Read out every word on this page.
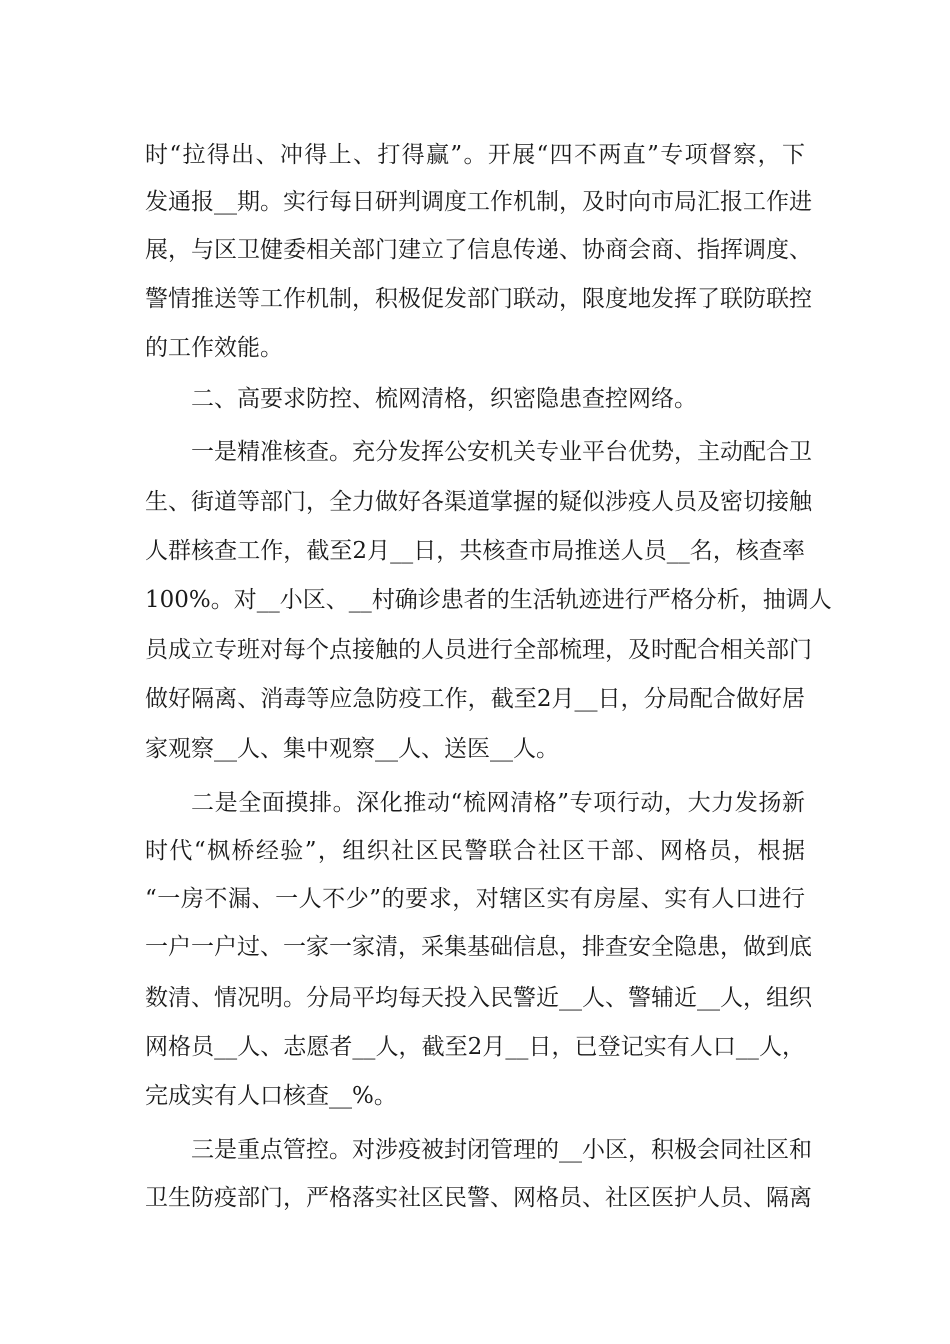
时“拉得出、冲得上、打得赢”。开展“四不两直”专项督察，下
发通报__期。实行每日研判调度工作机制，及时向市局汇报工作进
展，与区卫健委相关部门建立了信息传递、协商会商、指挥调度、
警情推送等工作机制，积极促发部门联动，限度地发挥了联防联控
的工作效能。
二、高要求防控、梳网清格，织密隐患查控网络。
一是精准核查。充分发挥公安机关专业平台优势，主动配合卫
生、街道等部门，全力做好各渠道掌握的疑似涉疫人员及密切接触
人群核查工作，截至2月__日，共核查市局推送人员__名，核查率
100%。对__小区、__村确诊患者的生活轨迹进行严格分析，抽调人
员成立专班对每个点接触的人员进行全部梳理，及时配合相关部门
做好隔离、消毒等应急防疫工作，截至2月__日，分局配合做好居
家观察__人、集中观察__人、送医__人。
二是全面摸排。深化推动“梳网清格”专项行动，大力发扬新
时代“枫桥经验”，组织社区民警联合社区干部、网格员，根据
“一房不漏、一人不少”的要求，对辖区实有房屋、实有人口进行
一户一户过、一家一家清，采集基础信息，排查安全隐患，做到底
数清、情况明。分局平均每天投入民警近__人、警辅近__人，组织
网格员__人、志愿者__人，截至2月__日，已登记实有人口__人，
完成实有人口核查__%。
三是重点管控。对涉疫被封闭管理的__小区，积极会同社区和
卫生防疫部门，严格落实社区民警、网格员、社区医护人员、隔离
